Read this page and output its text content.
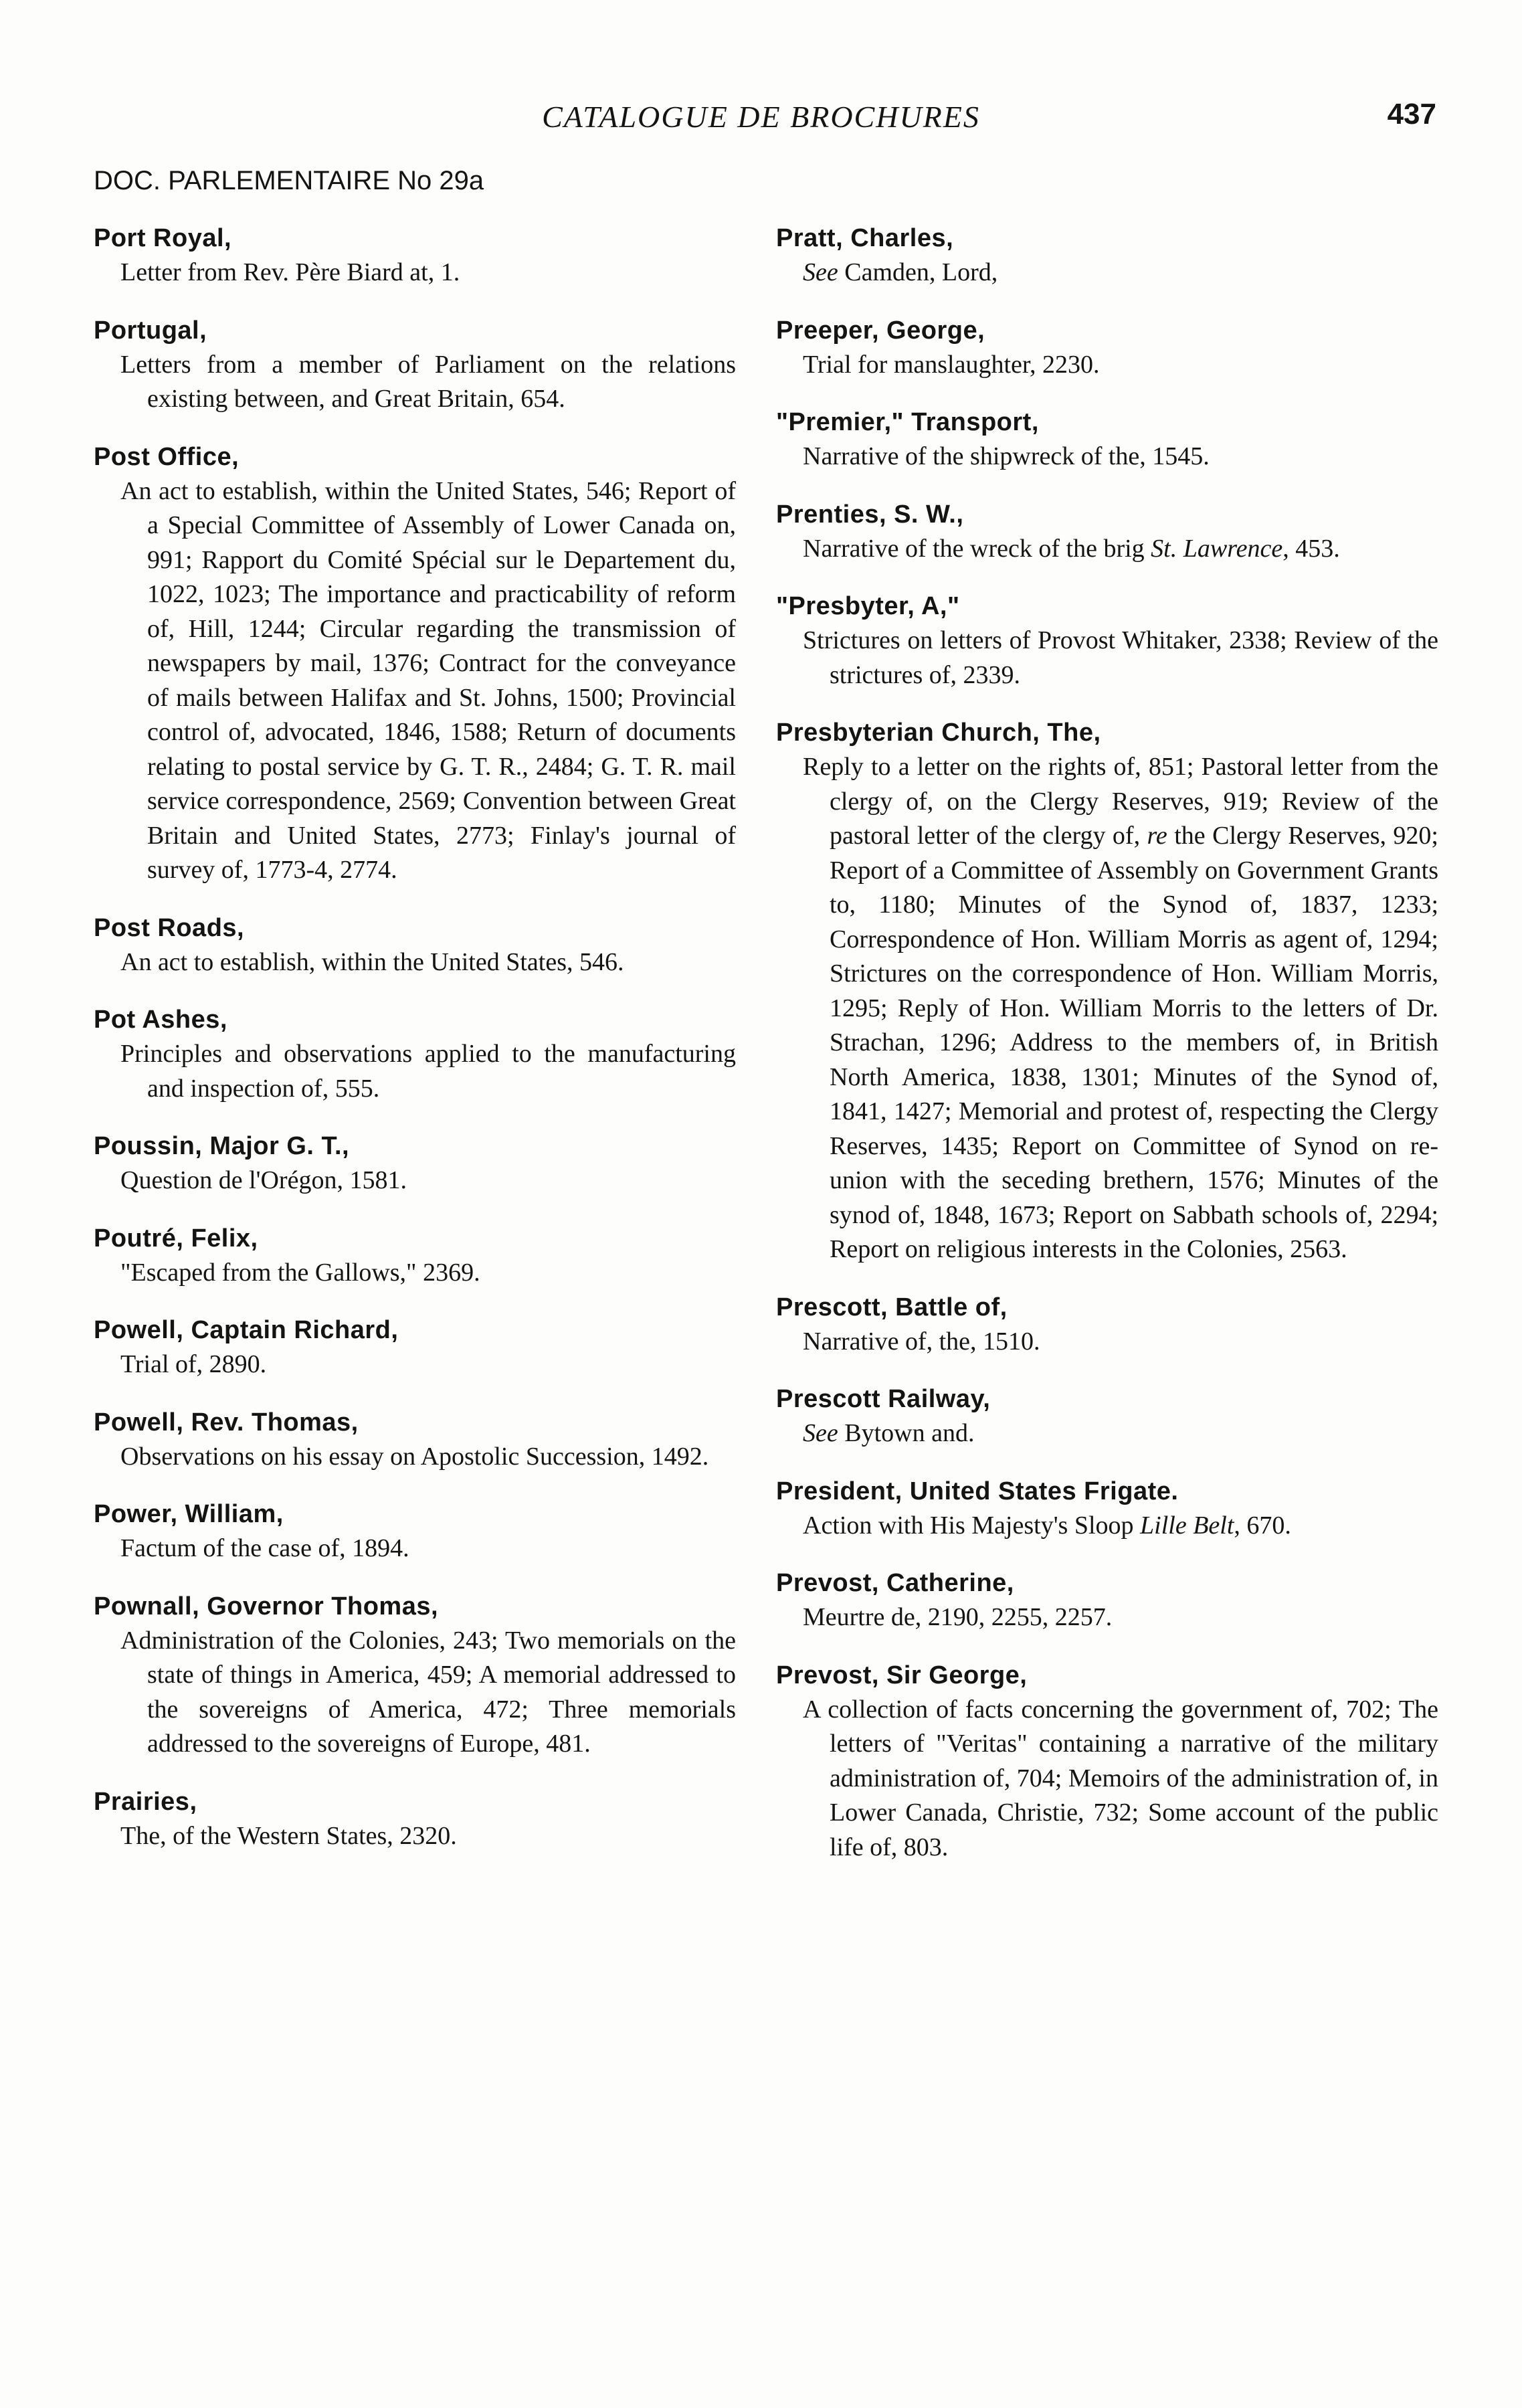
CATALOGUE DE BROCHURES	437
DOC. PARLEMENTAIRE No 29a
Port Royal,
Letter from Rev. Père Biard at, 1.
Portugal,
Letters from a member of Parliament on the relations existing between, and Great Britain, 654.
Post Office,
An act to establish, within the United States, 546; Report of a Special Committee of Assembly of Lower Canada on, 991; Rapport du Comité Spécial sur le Departement du, 1022, 1023; The importance and practicability of reform of, Hill, 1244; Circular regarding the transmission of newspapers by mail, 1376; Contract for the conveyance of mails between Halifax and St. Johns, 1500; Provincial control of, advocated, 1846, 1588; Return of documents relating to postal service by G. T. R., 2484; G. T. R. mail service correspondence, 2569; Convention between Great Britain and United States, 2773; Finlay's journal of survey of, 1773-4, 2774.
Post Roads,
An act to establish, within the United States, 546.
Pot Ashes,
Principles and observations applied to the manufacturing and inspection of, 555.
Poussin, Major G. T.,
Question de l'Orégon, 1581.
Poutré, Felix,
"Escaped from the Gallows," 2369.
Powell, Captain Richard,
Trial of, 2890.
Powell, Rev. Thomas,
Observations on his essay on Apostolic Succession, 1492.
Power, William,
Factum of the case of, 1894.
Pownall, Governor Thomas,
Administration of the Colonies, 243; Two memorials on the state of things in America, 459; A memorial addressed to the sovereigns of America, 472; Three memorials addressed to the sovereigns of Europe, 481.
Prairies,
The, of the Western States, 2320.
Pratt, Charles,
See Camden, Lord,
Preeper, George,
Trial for manslaughter, 2230.
"Premier," Transport,
Narrative of the shipwreck of the, 1545.
Prenties, S. W.,
Narrative of the wreck of the brig St. Lawrence, 453.
"Presbyter, A,"
Strictures on letters of Provost Whitaker, 2338; Review of the strictures of, 2339.
Presbyterian Church, The,
Reply to a letter on the rights of, 851; Pastoral letter from the clergy of, on the Clergy Reserves, 919; Review of the pastoral letter of the clergy of, re the Clergy Reserves, 920; Report of a Committee of Assembly on Government Grants to, 1180; Minutes of the Synod of, 1837, 1233; Correspondence of Hon. William Morris as agent of, 1294; Strictures on the correspondence of Hon. William Morris, 1295; Reply of Hon. William Morris to the letters of Dr. Strachan, 1296; Address to the members of, in British North America, 1838, 1301; Minutes of the Synod of, 1841, 1427; Memorial and protest of, respecting the Clergy Reserves, 1435; Report on Committee of Synod on re-union with the seceding brethern, 1576; Minutes of the synod of, 1848, 1673; Report on Sabbath schools of, 2294; Report on religious interests in the Colonies, 2563.
Prescott, Battle of,
Narrative of, the, 1510.
Prescott Railway,
See Bytown and.
President, United States Frigate.
Action with His Majesty's Sloop Lille Belt, 670.
Prevost, Catherine,
Meurtre de, 2190, 2255, 2257.
Prevost, Sir George,
A collection of facts concerning the government of, 702; The letters of "Veritas" containing a narrative of the military administration of, 704; Memoirs of the administration of, in Lower Canada, Christie, 732; Some account of the public life of, 803.
